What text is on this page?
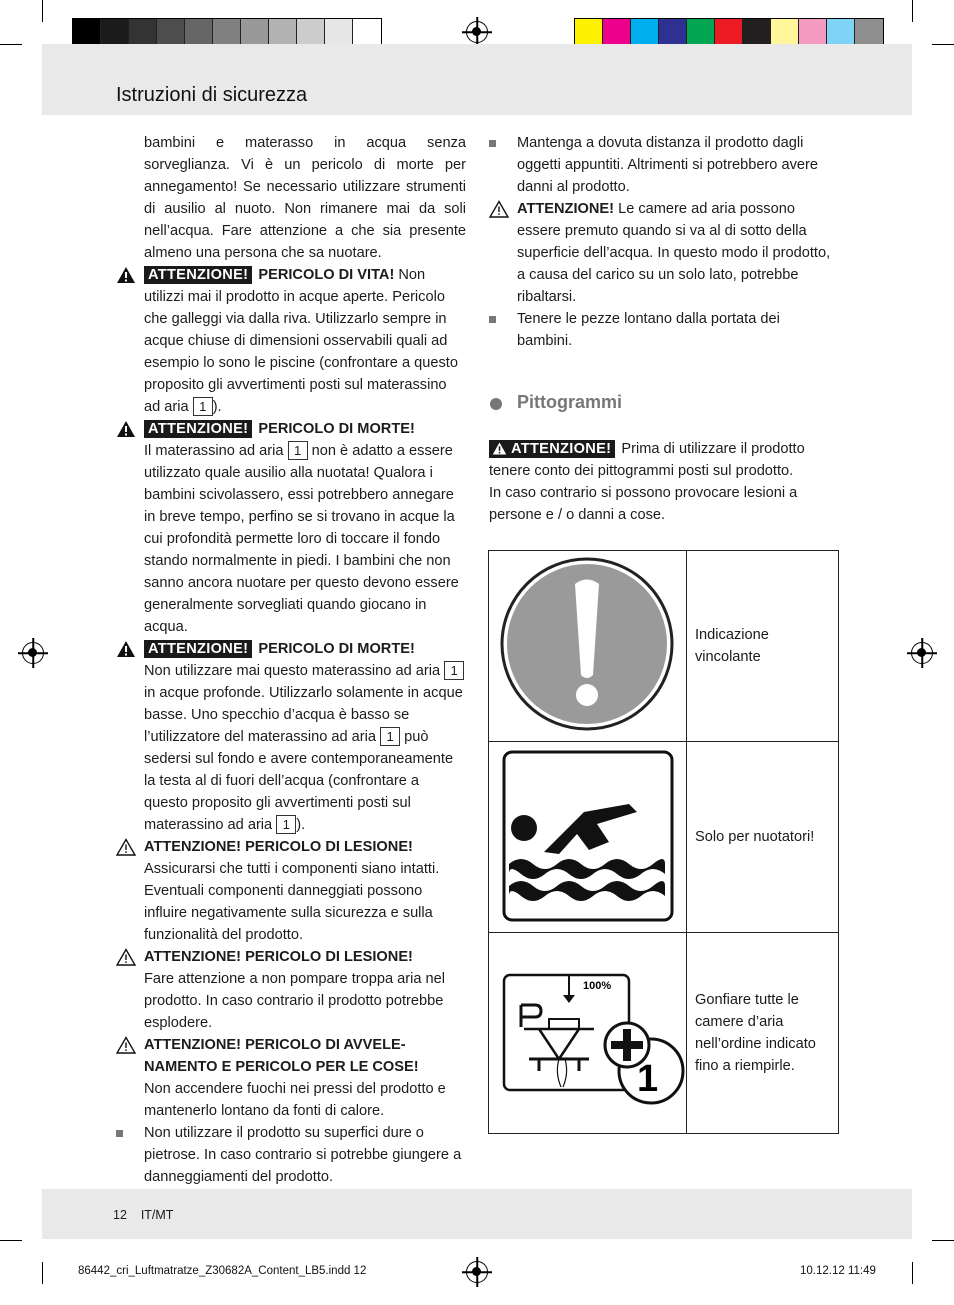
Istruzioni di sicurezza

bambini e materasso in acqua senza sorveglianza. Vi è un pericolo di morte per annegamento! Se necessario utilizzare strumenti di ausilio al nuoto. Non rimanere mai da soli nell’acqua. Fare attenzione a che sia presente almeno una persona che sa nuotare.

ATTENZIONE! PERICOLO DI VITA! Non utilizzi mai il prodotto in acque aperte. Pericolo che galleggi via dalla riva. Utilizzarlo sempre in acque chiuse di dimensioni osservabili quali ad esempio lo sono le piscine (confrontare a questo proposito gli avvertimenti posti sul materassino ad aria 1 ).

ATTENZIONE! PERICOLO DI MORTE!
Il materassino ad aria 1 non è adatto a essere utilizzato quale ausilio alla nuotata! Qualora i bambini scivolassero, essi potrebbero annegare in breve tempo, perfino se si trovano in acque la cui profondità permette loro di toccare il fondo stando normalmente in piedi. I bambini che non sanno ancora nuotare per questo devono essere generalmente sorvegliati quando giocano in acqua.

ATTENZIONE! PERICOLO DI MORTE!
Non utilizzare mai questo materassino ad aria 1 in acque profonde. Utilizzarlo solamente in acque basse. Uno specchio d’acqua è basso se l’utilizzatore del materassino ad aria 1 può sedersi sul fondo e avere contemporaneamente la testa al di fuori dell’acqua (confrontare a questo proposito gli avvertimenti posti sul materassino ad aria 1 ).

ATTENZIONE! PERICOLO DI LESIONE!
Assicurarsi che tutti i componenti siano intatti. Eventuali componenti danneggiati possono influire negativamente sulla sicurezza e sulla funzionalità del prodotto.

ATTENZIONE! PERICOLO DI LESIONE!
Fare attenzione a non pompare troppa aria nel prodotto. In caso contrario il prodotto potrebbe esplodere.

ATTENZIONE! PERICOLO DI AVVELE-
NAMENTO E PERICOLO PER LE COSE!
Non accendere fuochi nei pressi del prodotto e mantenerlo lontano da fonti di calore.

Non utilizzare il prodotto su superfici dure o pietrose. In caso contrario si potrebbe giungere a danneggiamenti del prodotto.

Mantenga a dovuta distanza il prodotto dagli oggetti appuntiti. Altrimenti si potrebbero avere danni al prodotto.

ATTENZIONE! Le camere ad aria possono essere premuto quando si va al di sotto della superficie dell’acqua. In questo modo il prodotto, a causa del carico su un solo lato, potrebbe ribaltarsi.

Tenere le pezze lontano dalla portata dei bambini.

Pittogrammi

ATTENZIONE! Prima di utilizzare il prodotto tenere conto dei pittogrammi posti sul prodotto.
In caso contrario si possono provocare lesioni a persone e / o danni a cose.

	Indicazione vincolante
	Solo per nuotatori!

100%
1	Gonfiare tutte le camere d’aria nell’ordine indicato fino a riempirle.
12 IT/MT
86442_cri_Luftmatratze_Z30682A_Content_LB5.indd 12	10.12.12 11:49
